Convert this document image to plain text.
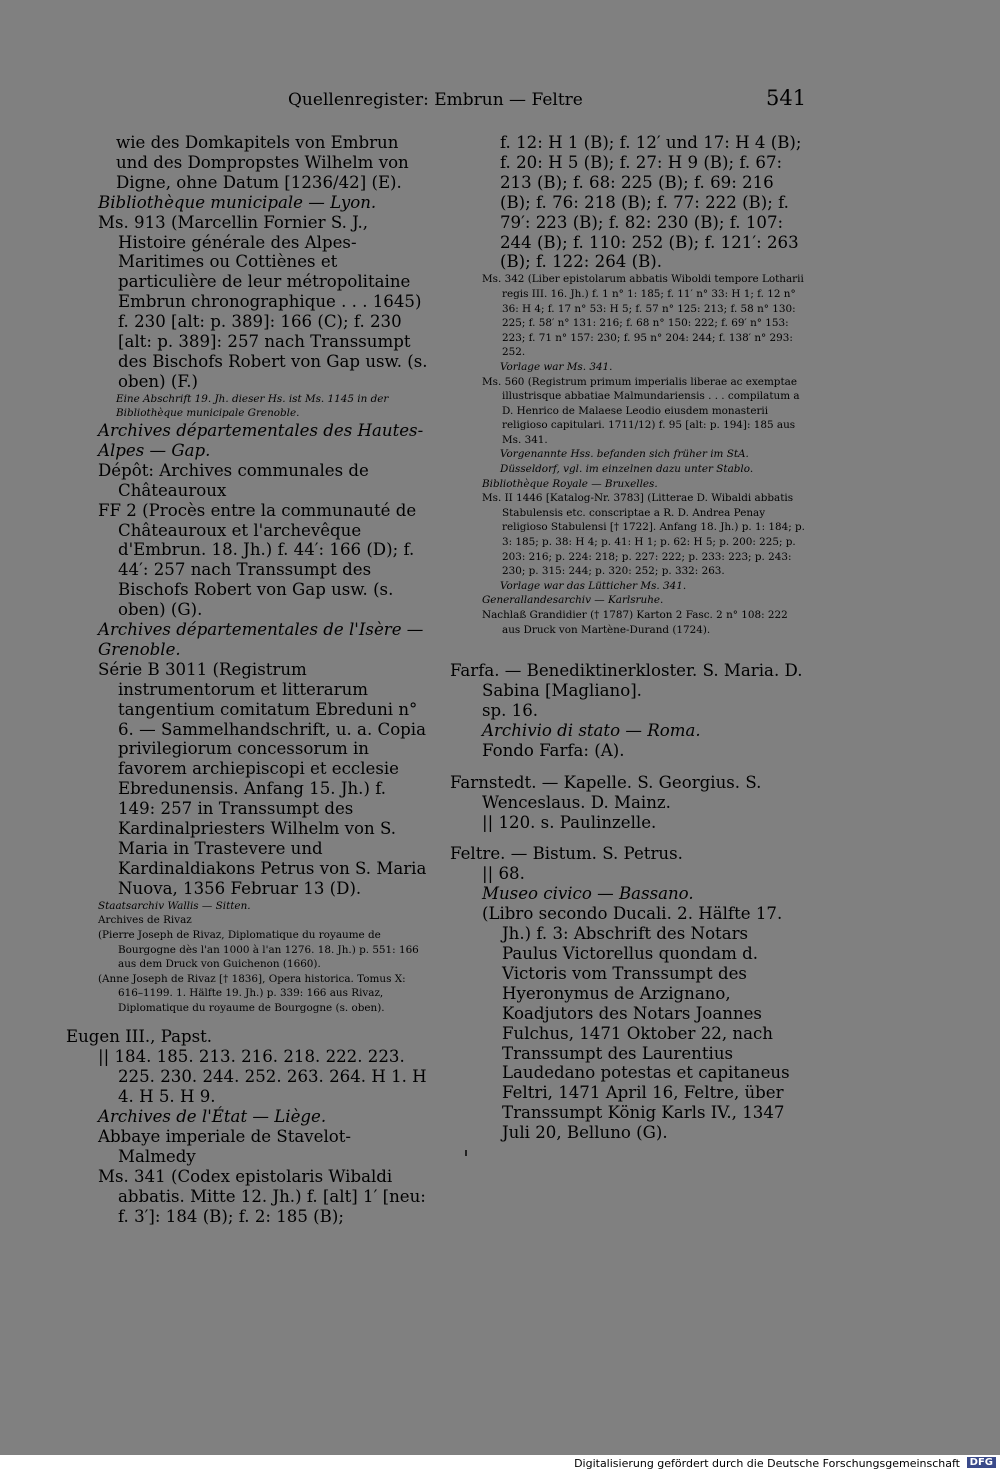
Quellenregister: Embrun — Feltre	541

wie des Domkapitels von Embrun und des Dompropstes Wilhelm von Digne, ohne Datum [1236/42] (E).

Bibliothèque municipale — Lyon.

Ms. 913 (Marcellin Fornier S. J., Histoire générale des Alpes-Maritimes ou Cottiènes et particulière de leur métropolitaine Embrun chronographique . . . 1645) f. 230 [alt: p. 389]: 166 (C); f. 230 [alt: p. 389]: 257 nach Transsumpt des Bischofs Robert von Gap usw. (s. oben) (F.)

Eine Abschrift 19. Jh. dieser Hs. ist Ms. 1145 in der Bibliothèque municipale Grenoble.

Archives départementales des Hautes-Alpes — Gap.

Dépôt: Archives communales de Châteauroux

FF 2 (Procès entre la communauté de Châteauroux et l'archevêque d'Embrun. 18. Jh.) f. 44′: 166 (D); f. 44′: 257 nach Transsumpt des Bischofs Robert von Gap usw. (s. oben) (G).

Archives départementales de l'Isère — Grenoble.

Série B 3011 (Registrum instrumentorum et litterarum tangentium comitatum Ebreduni n° 6. — Sammelhandschrift, u. a. Copia privilegiorum concessorum in favorem archiepiscopi et ecclesie Ebredunensis. Anfang 15. Jh.) f. 149: 257 in Transsumpt des Kardinalpriesters Wilhelm von S. Maria in Trastevere und Kardinaldiakons Petrus von S. Maria Nuova, 1356 Februar 13 (D).

Staatsarchiv Wallis — Sitten.

Archives de Rivaz

(Pierre Joseph de Rivaz, Diplomatique du royaume de Bourgogne dès l'an 1000 à l'an 1276. 18. Jh.) p. 551: 166 aus dem Druck von Guichenon (1660).

(Anne Joseph de Rivaz [† 1836], Opera historica. Tomus X: 616–1199. 1. Hälfte 19. Jh.) p. 339: 166 aus Rivaz, Diplomatique du royaume de Bourgogne (s. oben).

Eugen III., Papst.

|| 184. 185. 213. 216. 218. 222. 223. 225. 230. 244. 252. 263. 264. H 1. H 4. H 5. H 9.

Archives de l'État — Liège.

Abbaye imperiale de Stavelot-Malmedy

Ms. 341 (Codex epistolaris Wibaldi abbatis. Mitte 12. Jh.) f. [alt] 1′ [neu: f. 3′]: 184 (B); f. 2: 185 (B);

f. 12: H 1 (B); f. 12′ und 17: H 4 (B); f. 20: H 5 (B); f. 27: H 9 (B); f. 67: 213 (B); f. 68: 225 (B); f. 69: 216 (B); f. 76: 218 (B); f. 77: 222 (B); f. 79′: 223 (B); f. 82: 230 (B); f. 107: 244 (B); f. 110: 252 (B); f. 121′: 263 (B); f. 122: 264 (B).

Ms. 342 (Liber epistolarum abbatis Wiboldi tempore Lotharii regis III. 16. Jh.) f. 1 n° 1: 185; f. 11′ n° 33: H 1; f. 12 n° 36: H 4; f. 17 n° 53: H 5; f. 57 n° 125: 213; f. 58 n° 130: 225; f. 58′ n° 131: 216; f. 68 n° 150: 222; f. 69′ n° 153: 223; f. 71 n° 157: 230; f. 95 n° 204: 244; f. 138′ n° 293: 252.

Vorlage war Ms. 341.

Ms. 560 (Registrum primum imperialis liberae ac exemptae illustrisque abbatiae Malmundariensis . . . compilatum a D. Henrico de Malaese Leodio eiusdem monasterii religioso capitulari. 1711/12) f. 95 [alt: p. 194]: 185 aus Ms. 341.

Vorgenannte Hss. befanden sich früher im StA. Düsseldorf, vgl. im einzelnen dazu unter Stablo.

Bibliothèque Royale — Bruxelles.

Ms. II 1446 [Katalog-Nr. 3783] (Litterae D. Wibaldi abbatis Stabulensis etc. conscriptae a R. D. Andrea Penay religioso Stabulensi [† 1722]. Anfang 18. Jh.) p. 1: 184; p. 3: 185; p. 38: H 4; p. 41: H 1; p. 62: H 5; p. 200: 225; p. 203: 216; p. 224: 218; p. 227: 222; p. 233: 223; p. 243: 230; p. 315: 244; p. 320: 252; p. 332: 263.

Vorlage war das Lütticher Ms. 341.

Generallandesarchiv — Karlsruhe.

Nachlaß Grandidier († 1787) Karton 2 Fasc. 2 n° 108: 222 aus Druck von Martène-Durand (1724).

Farfa. — Benediktinerkloster. S. Maria. D. Sabina [Magliano].

sp. 16.

Archivio di stato — Roma.

Fondo Farfa: (A).

Farnstedt. — Kapelle. S. Georgius. S. Wenceslaus. D. Mainz.

|| 120. s. Paulinzelle.

Feltre. — Bistum. S. Petrus.

|| 68.

Museo civico — Bassano.

(Libro secondo Ducali. 2. Hälfte 17. Jh.) f. 3: Abschrift des Notars Paulus Victorellus quondam d. Victoris vom Transsumpt des Hyeronymus de Arzignano, Koadjutors des Notars Joannes Fulchus, 1471 Oktober 22, nach Transsumpt des Laurentius Laudedano potestas et capitaneus Feltri, 1471 April 16, Feltre, über Transsumpt König Karls IV., 1347 Juli 20, Belluno (G).

Digitalisierung gefördert durch die Deutsche Forschungsgemeinschaft DFG
